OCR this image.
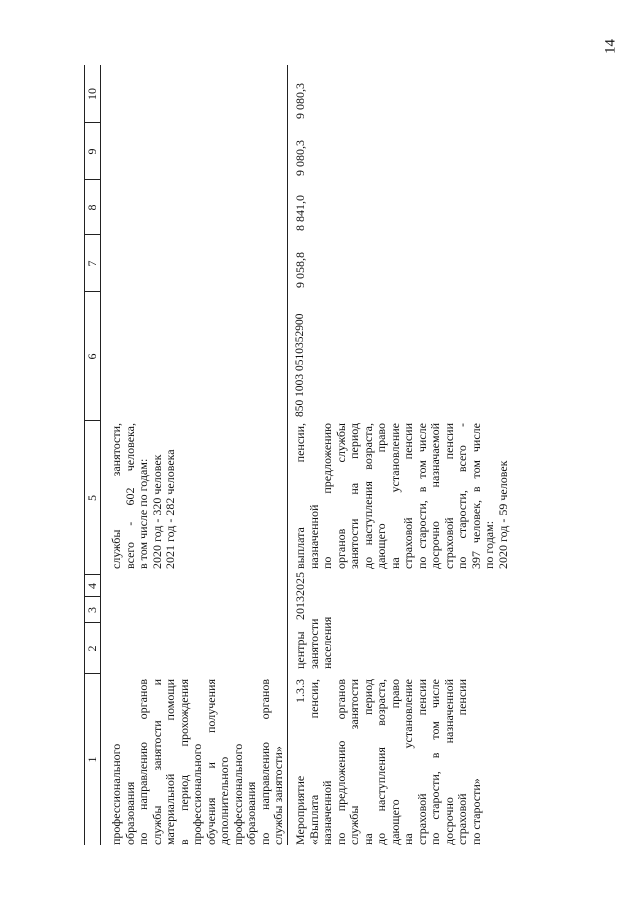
14
1
2
3
4
5
6
7
8
9
10

профессионального образования по направлению органов службы занятости и материальной помощи в период прохождения профессионального обучения и получения дополнительного профессионального образования по направлению органов службы занятости»

службы занятости, всего - 602 человека, в том числе по годам: 2020 год - 320 человек 2021 год - 282 человека

Мероприятие 1.3.3 «Выплата пенсии, назначенной по предложению органов службы занятости на период до наступления возраста, дающего право на установление страховой пенсии по старости, в том числе досрочно назначенной страховой пенсии по старости»

центры занятости населения

2013
2025

выплата пенсии, назначенной по предложению органов службы занятости на период до наступления возраста, дающего право на установление страховой пенсии по старости, в том числе досрочно назначаемой страховой пенсии по старости, всего - 397 человек, в том числе по годам: 2020 год - 59 человек

850 1003 0510352900
9 058,8
8 841,0
9 080,3
9 080,3
